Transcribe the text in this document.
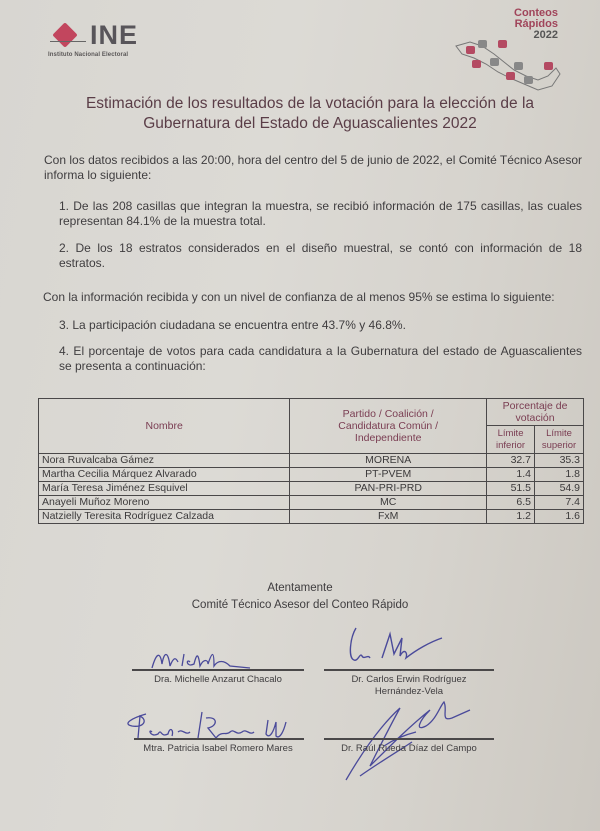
INE
Instituto Nacional Electoral
Conteos
Rápidos
2022
Estimación de los resultados de la votación para la elección de la
Gubernatura del Estado de Aguascalientes 2022
Con los datos recibidos a las 20:00, hora del centro del 5 de junio de 2022, el Comité Técnico Asesor informa lo siguiente:
1. De las 208 casillas que integran la muestra, se recibió información de 175 casillas, las cuales representan 84.1% de la muestra total.
2. De los 18 estratos considerados en el diseño muestral, se contó con información de 18 estratos.
Con la información recibida y con un nivel de confianza de al menos 95% se estima lo siguiente:
3. La participación ciudadana se encuentra entre 43.7% y 46.8%.
4. El porcentaje de votos para cada candidatura a la Gubernatura del estado de Aguascalientes se presenta a continuación:
Nombre	Partido / Coalición / Candidatura Común / Independiente	Porcentaje de votación	
		Límite inferior	Límite superior
Nora Ruvalcaba Gámez	MORENA	32.7	35.3
Martha Cecilia Márquez Alvarado	PT-PVEM	1.4	1.8
María Teresa Jiménez Esquivel	PAN-PRI-PRD	51.5	54.9
Anayeli Muñoz Moreno	MC	6.5	7.4
Natzielly Teresita Rodríguez Calzada	FxM	1.2	1.6
Atentamente
Comité Técnico Asesor del Conteo Rápido
Dra. Michelle Anzarut Chacalo	Dr. Carlos Erwin Rodríguez
Hernández-Vela
Mtra. Patricia Isabel Romero Mares	Dr. Raúl Rueda Díaz del Campo
